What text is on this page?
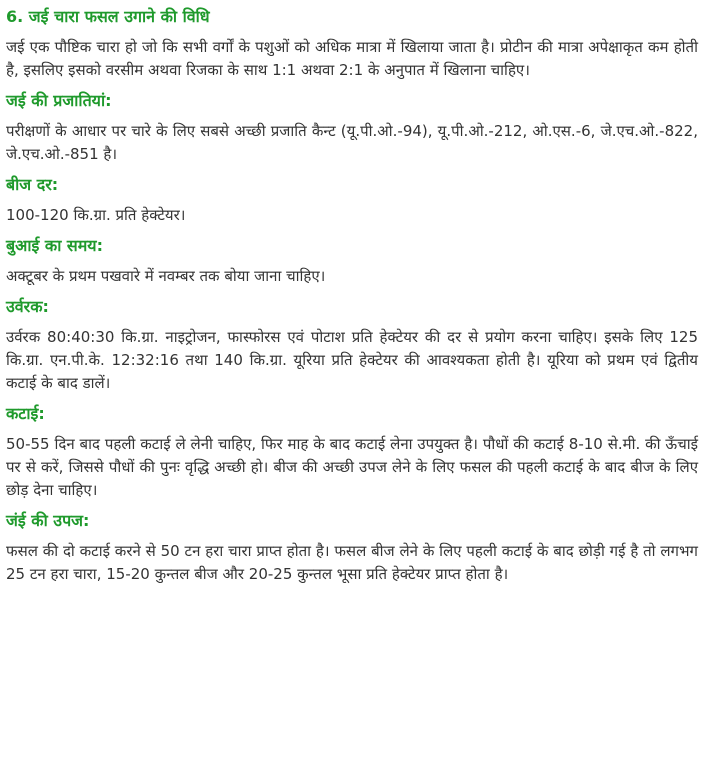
6. जई चारा फसल उगाने की विधि
जई एक पौष्टिक चारा हो जो कि सभी वर्गों के पशुओं को अधिक मात्रा में खिलाया जाता है। प्रोटीन की मात्रा अपेक्षाकृत कम होती है, इसलिए इसको वरसीम अथवा रिजका के साथ 1:1 अथवा 2:1 के अनुपात में खिलाना चाहिए।
जई की प्रजातियां:
परीक्षणों के आधार पर चारे के लिए सबसे अच्छी प्रजाति कैन्ट (यू.पी.ओ.-94), यू.पी.ओ.-212, ओ.एस.-6, जे.एच.ओ.-822, जे.एच.ओ.-851 है।
बीज दर:
100-120 कि.ग्रा. प्रति हेक्टेयर।
बुआई का समय:
अक्टूबर के प्रथम पखवारे में नवम्बर तक बोया जाना चाहिए।
उर्वरक:
उर्वरक 80:40:30 कि.ग्रा. नाइट्रोजन, फास्फोरस एवं पोटाश प्रति हेक्टेयर की दर से प्रयोग करना चाहिए। इसके लिए 125 कि.ग्रा. एन.पी.के. 12:32:16 तथा 140 कि.ग्रा. यूरिया प्रति हेक्टेयर की आवश्यकता होती है। यूरिया को प्रथम एवं द्वितीय कटाई के बाद डालें।
कटाई:
50-55 दिन बाद पहली कटाई ले लेनी चाहिए, फिर माह के बाद कटाई लेना उपयुक्त है। पौधों की कटाई 8-10 से.मी. की ऊँचाई पर से करें, जिससे पौधों की पुनः वृद्धि अच्छी हो। बीज की अच्छी उपज लेने के लिए फसल की पहली कटाई के बाद बीज के लिए छोड़ देना चाहिए।
जंई की उपज:
फसल की दो कटाई करने से 50 टन हरा चारा प्राप्त होता है। फसल बीज लेने के लिए पहली कटाई के बाद छोड़ी गई है तो लगभग 25 टन हरा चारा, 15-20 कुन्तल बीज और 20-25 कुन्तल भूसा प्रति हेक्टेयर प्राप्त होता है।
